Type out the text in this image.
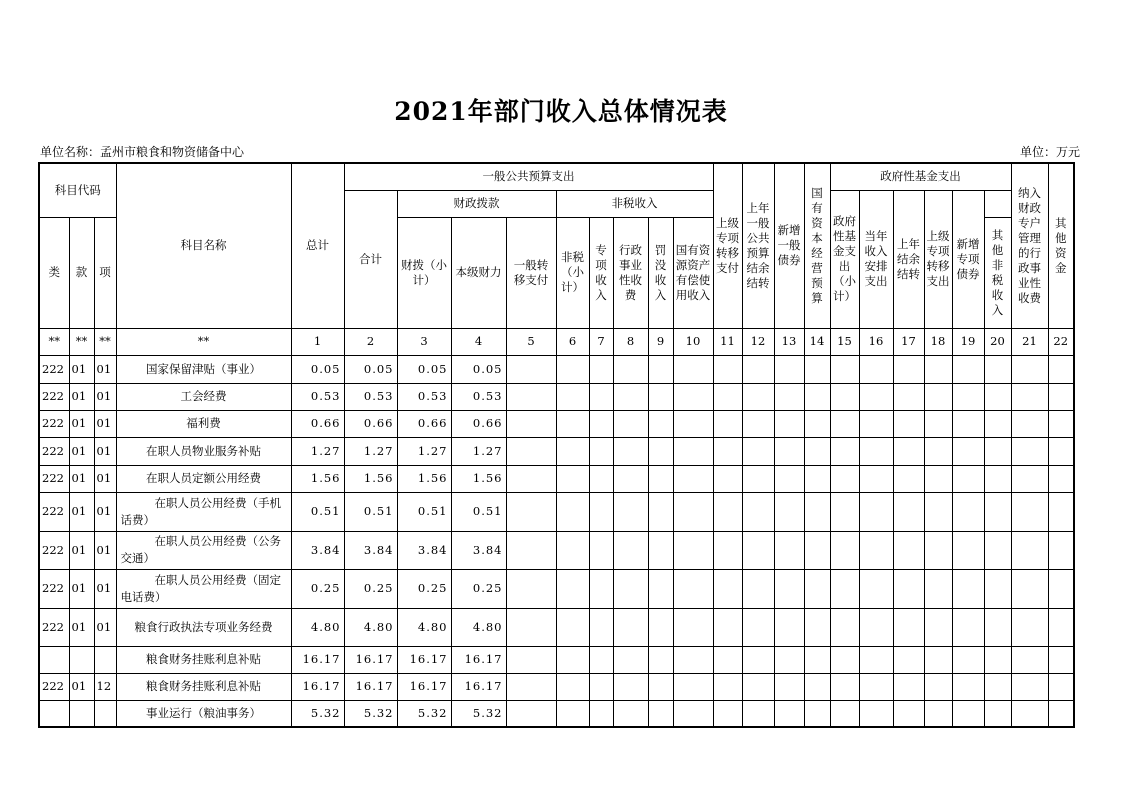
2021年部门收入总体情况表
单位名称：孟州市粮食和物资储备中心	单位：万元
科目代码			科目名称	总计	一般公共预算支出									上级专项转移支付	上年一般公共预算结余结转	新增一般债券	国有资本经营预算	政府性基金支出						纳入财政专户管理的行政事业性收费	其他资金
					合计	财政拨款			非税收入									政府性基金支出（小计）	当年收入安排支出	上年结余结转	上级专项转移支出	新增专项债券			
类	款	项				财拨（小计）	本级财力	一般转移支付	非税（小计）	专项收入	行政事业性收费	罚没收入	国有资源资产有偿使用收入										其他非税收入		

**	**	**	**	1	2	3	4	5	6	7	8	9	10	11	12	13	14	15	16	17	18	19	20	21	22
222	01	01	国家保留津贴（事业）	0.05	0.05	0.05	0.05																		
222	01	01	工会经费	0.53	0.53	0.53	0.53																		
222	01	01	福利费	0.66	0.66	0.66	0.66																		
222	01	01	在职人员物业服务补贴	1.27	1.27	1.27	1.27																		
222	01	01	在职人员定额公用经费	1.56	1.56	1.56	1.56																		
222	01	01	在职人员公用经费（手机话费）	0.51	0.51	0.51	0.51																		
222	01	01	在职人员公用经费（公务交通）	3.84	3.84	3.84	3.84																		
222	01	01	在职人员公用经费（固定电话费）	0.25	0.25	0.25	0.25																		
222	01	01	粮食行政执法专项业务经费	4.80	4.80	4.80	4.80																		
			粮食财务挂账利息补贴	16.17	16.17	16.17	16.17																		
222	01	12	粮食财务挂账利息补贴	16.17	16.17	16.17	16.17																		
			事业运行（粮油事务）	5.32	5.32	5.32	5.32																		
